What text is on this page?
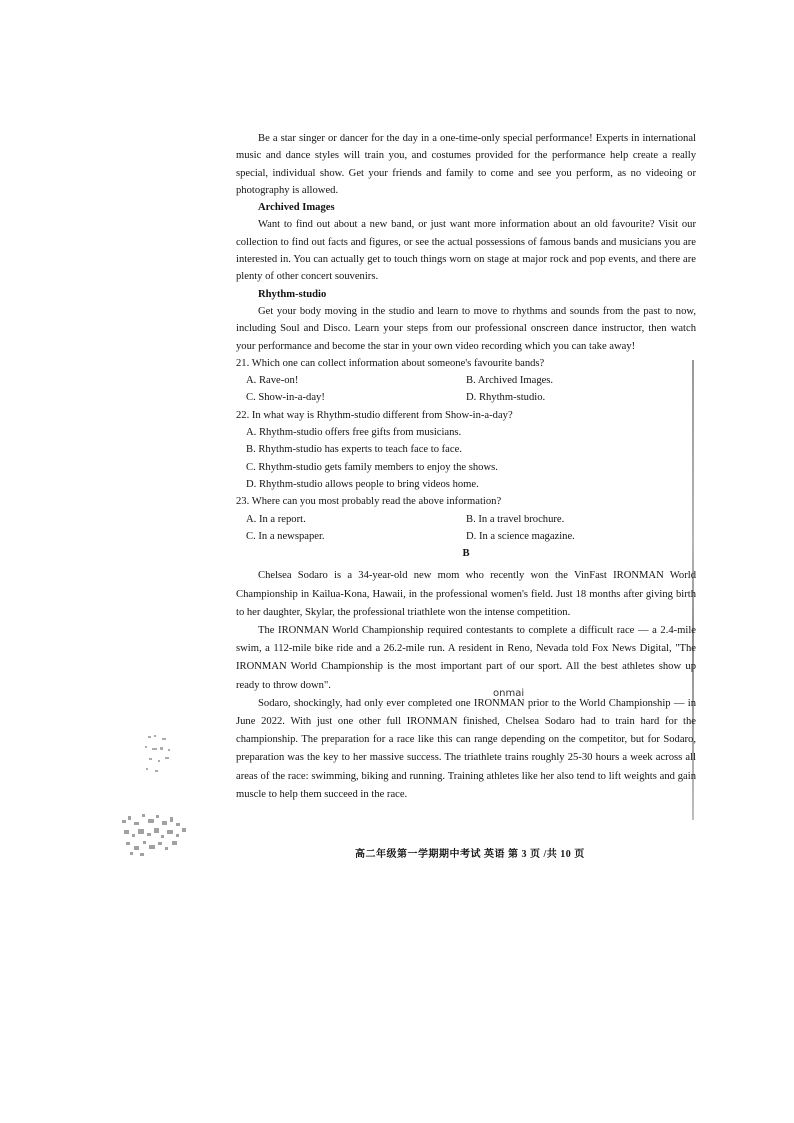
Be a star singer or dancer for the day in a one-time-only special performance! Experts in international music and dance styles will train you, and costumes provided for the performance help create a really special, individual show. Get your friends and family to come and see you perform, as no videoing or photography is allowed.

Archived Images

Want to find out about a new band, or just want more information about an old favourite? Visit our collection to find out facts and figures, or see the actual possessions of famous bands and musicians you are interested in. You can actually get to touch things worn on stage at major rock and pop events, and there are plenty of other concert souvenirs.

Rhythm-studio

Get your body moving in the studio and learn to move to rhythms and sounds from the past to now, including Soul and Disco. Learn your steps from our professional onscreen dance instructor, then watch your performance and become the star in your own video recording which you can take away!

21. Which one can collect information about someone's favourite bands?

A. Rave-on!	B. Archived Images.

C. Show-in-a-day!	D. Rhythm-studio.

22. In what way is Rhythm-studio different from Show-in-a-day?

A. Rhythm-studio offers free gifts from musicians.

B. Rhythm-studio has experts to teach face to face.

C. Rhythm-studio gets family members to enjoy the shows.

D. Rhythm-studio allows people to bring videos home.

23. Where can you most probably read the above information?

A. In a report.	B. In a travel brochure.

C. In a newspaper.	D. In a science magazine.

B

Chelsea Sodaro is a 34-year-old new mom who recently won the VinFast IRONMAN World Championship in Kailua-Kona, Hawaii, in the professional women's field. Just 18 months after giving birth to her daughter, Skylar, the professional triathlete won the intense competition.

The IRONMAN World Championship required contestants to complete a difficult race — a 2.4-mile swim, a 112-mile bike ride and a 26.2-mile run. A resident in Reno, Nevada told Fox News Digital, "The IRONMAN World Championship is the most important part of our sport. All the best athletes show up ready to throw down".

Sodaro, shockingly, had only ever completed one IRONMAN prior to the World Championship — in June 2022. With just one other full IRONMAN finished, Chelsea Sodaro had to train hard for the championship. The preparation for a race like this can range depending on the competitor, but for Sodaro, preparation was the key to her massive success. The triathlete trains roughly 25-30 hours a week across all areas of the race: swimming, biking and running. Training athletes like her also tend to lift weights and gain muscle to help them succeed in the race.

onmai
高二年级第一学期期中考试 英语 第 3 页 /共 10 页
